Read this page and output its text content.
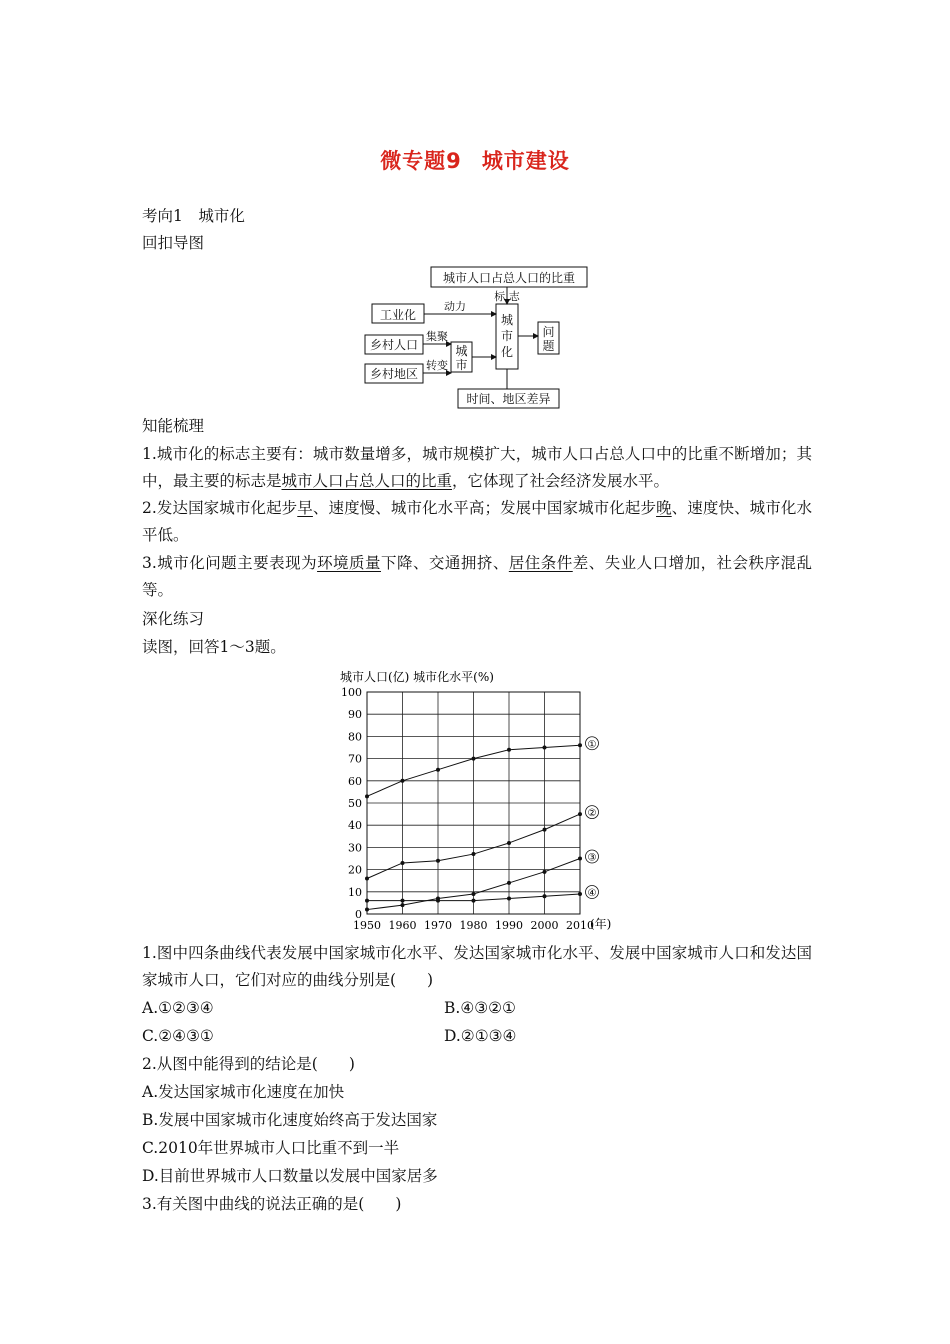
微专题9 城市建设
考向1　城市化
回扣导图
城市人口占总人口的比重
标 志
工业化
动力
乡村人口
集聚
乡村地区
转变
城
市
城
市
化
问
题
时间、地区差异
知能梳理
1.城市化的标志主要有：城市数量增多，城市规模扩大，城市人口占总人口中的比重不断增加；其中，最主要的标志是城市人口占总人口的比重，它体现了社会经济发展水平。
2.发达国家城市化起步早、速度慢、城市化水平高；发展中国家城市化起步晚、速度快、城市化水平低。
3.城市化问题主要表现为环境质量下降、交通拥挤、居住条件差、失业人口增加，社会秩序混乱等。
深化练习
读图，回答1～3题。
城市人口(亿) 城市化水平(%)
0
10
20
30
40
50
60
70
80
90
100
1950 1960 1970 1980 1990 2000 2010
①
②
③
④
(年)
1.图中四条曲线代表发展中国家城市化水平、发达国家城市化水平、发展中国家城市人口和发达国家城市人口，它们对应的曲线分别是(　　)
A.①②③④	B.④③②①
C.②④③①	D.②①③④
2.从图中能得到的结论是(　　)
A.发达国家城市化速度在加快
B.发展中国家城市化速度始终高于发达国家
C.2010年世界城市人口比重不到一半
D.目前世界城市人口数量以发展中国家居多
3.有关图中曲线的说法正确的是(　　)
